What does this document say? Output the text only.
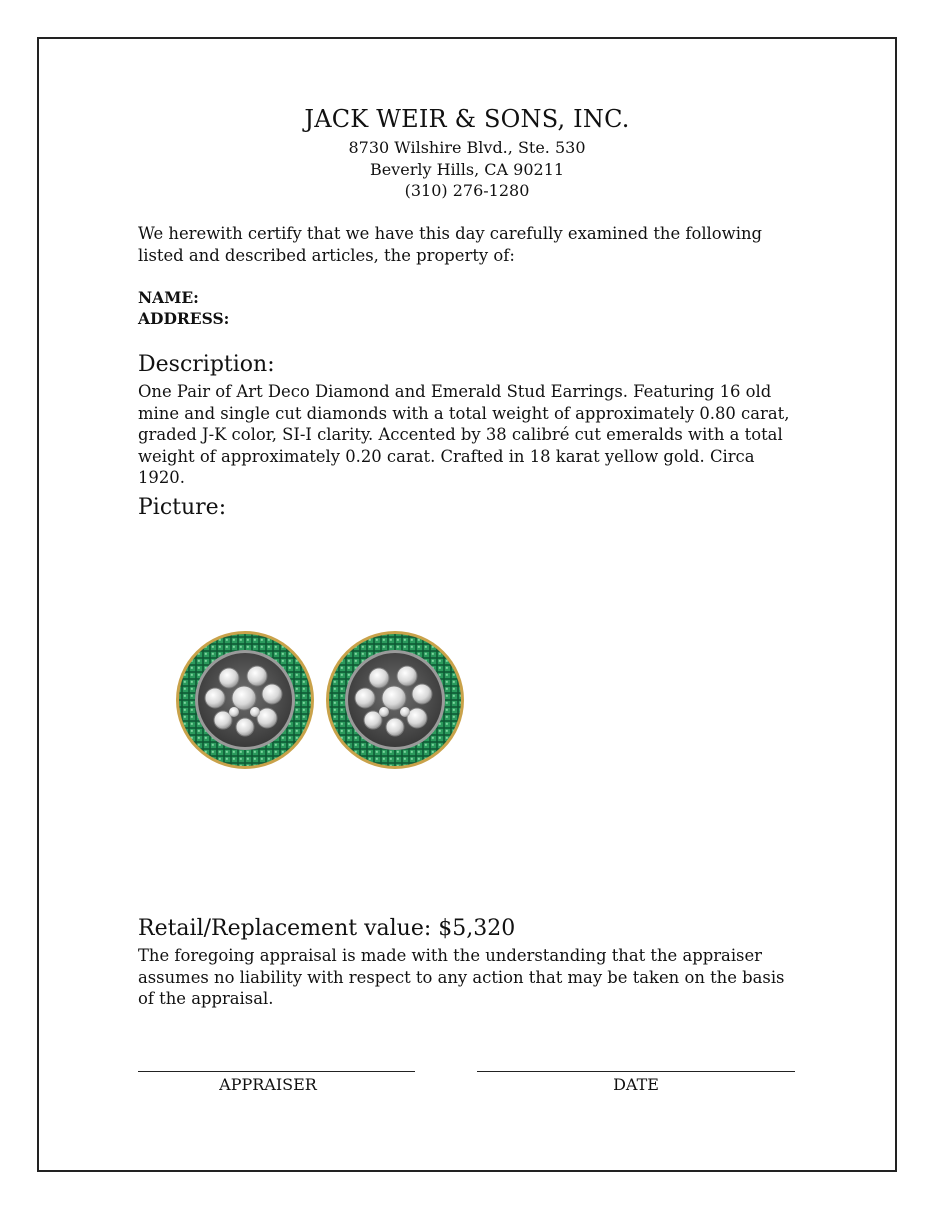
JACK WEIR & SONS, INC.
8730 Wilshire Blvd., Ste. 530
Beverly Hills, CA 90211
(310) 276-1280
We herewith certify that we have this day carefully examined the following listed and described articles, the property of:
NAME:
ADDRESS:
Description:
One Pair of Art Deco Diamond and Emerald Stud Earrings. Featuring 16 old mine and single cut diamonds with a total weight of approximately 0.80 carat, graded J-K color, SI-I clarity. Accented by 38 calibré cut emeralds with a total weight of approximately 0.20 carat. Crafted in 18 karat yellow gold. Circa 1920.
Picture:
Retail/Replacement value: $5,320
The foregoing appraisal is made with the understanding that the appraiser assumes no liability with respect to any action that may be taken on the basis of the appraisal.
APPRAISER	DATE
